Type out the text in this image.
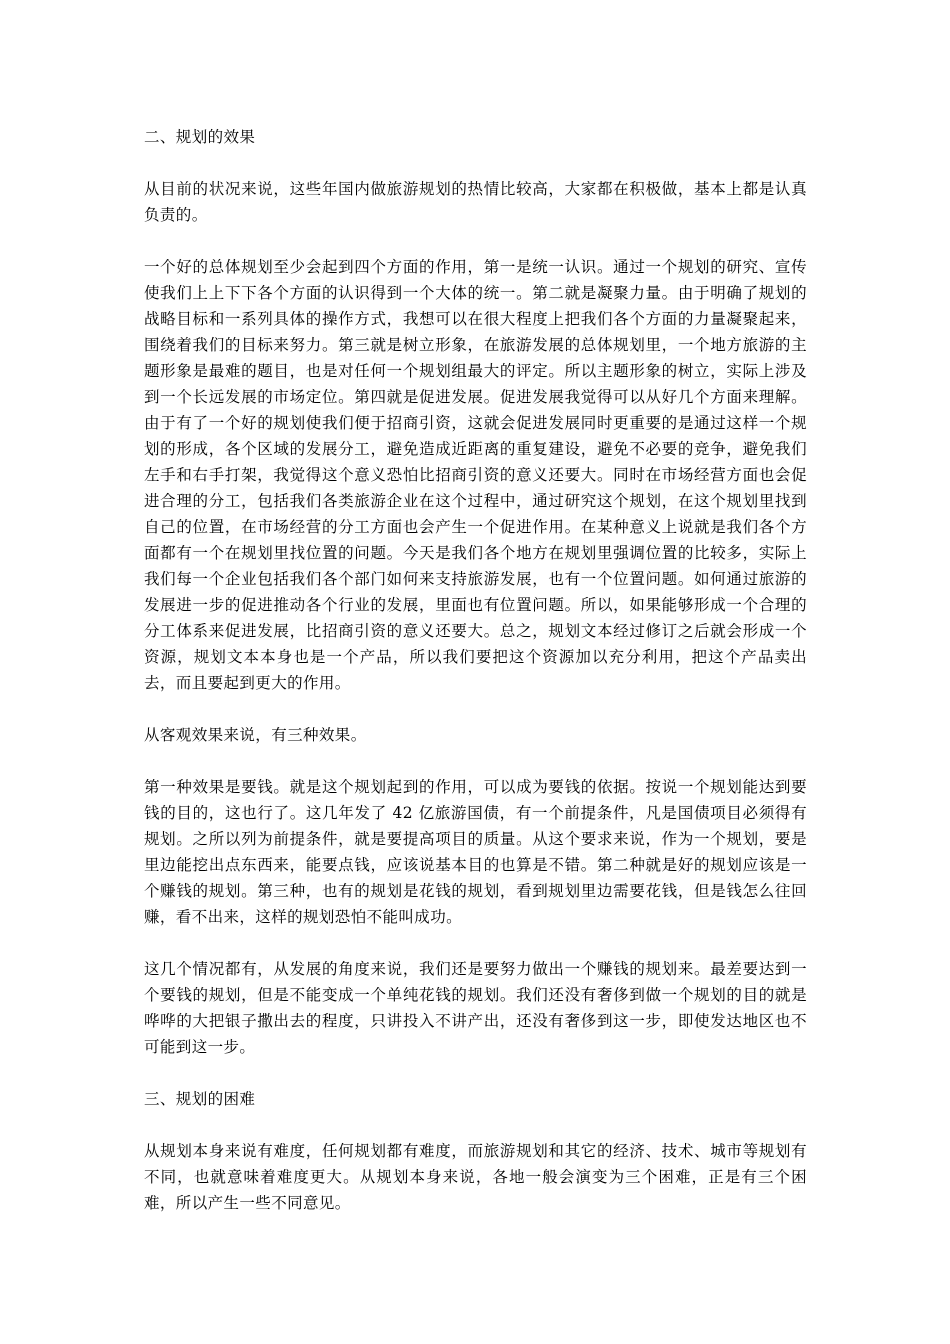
二、规划的效果
从目前的状况来说，这些年国内做旅游规划的热情比较高，大家都在积极做，基本上都是认真负责的。
一个好的总体规划至少会起到四个方面的作用，第一是统一认识。通过一个规划的研究、宣传使我们上上下下各个方面的认识得到一个大体的统一。第二就是凝聚力量。由于明确了规划的战略目标和一系列具体的操作方式，我想可以在很大程度上把我们各个方面的力量凝聚起来，围绕着我们的目标来努力。第三就是树立形象，在旅游发展的总体规划里，一个地方旅游的主题形象是最难的题目，也是对任何一个规划组最大的评定。所以主题形象的树立，实际上涉及到一个长远发展的市场定位。第四就是促进发展。促进发展我觉得可以从好几个方面来理解。由于有了一个好的规划使我们便于招商引资，这就会促进发展同时更重要的是通过这样一个规划的形成，各个区域的发展分工，避免造成近距离的重复建设，避免不必要的竞争，避免我们左手和右手打架，我觉得这个意义恐怕比招商引资的意义还要大。同时在市场经营方面也会促进合理的分工，包括我们各类旅游企业在这个过程中，通过研究这个规划，在这个规划里找到自己的位置，在市场经营的分工方面也会产生一个促进作用。在某种意义上说就是我们各个方面都有一个在规划里找位置的问题。今天是我们各个地方在规划里强调位置的比较多，实际上我们每一个企业包括我们各个部门如何来支持旅游发展，也有一个位置问题。如何通过旅游的发展进一步的促进推动各个行业的发展，里面也有位置问题。所以，如果能够形成一个合理的分工体系来促进发展，比招商引资的意义还要大。总之，规划文本经过修订之后就会形成一个资源，规划文本本身也是一个产品，所以我们要把这个资源加以充分利用，把这个产品卖出去，而且要起到更大的作用。
从客观效果来说，有三种效果。
第一种效果是要钱。就是这个规划起到的作用，可以成为要钱的依据。按说一个规划能达到要钱的目的，这也行了。这几年发了 42 亿旅游国债，有一个前提条件，凡是国债项目必须得有规划。之所以列为前提条件，就是要提高项目的质量。从这个要求来说，作为一个规划，要是里边能挖出点东西来，能要点钱，应该说基本目的也算是不错。第二种就是好的规划应该是一个赚钱的规划。第三种，也有的规划是花钱的规划，看到规划里边需要花钱，但是钱怎么往回赚，看不出来，这样的规划恐怕不能叫成功。
这几个情况都有，从发展的角度来说，我们还是要努力做出一个赚钱的规划来。最差要达到一个要钱的规划，但是不能变成一个单纯花钱的规划。我们还没有奢侈到做一个规划的目的就是哗哗的大把银子撒出去的程度，只讲投入不讲产出，还没有奢侈到这一步，即使发达地区也不可能到这一步。
三、规划的困难
从规划本身来说有难度，任何规划都有难度，而旅游规划和其它的经济、技术、城市等规划有不同，也就意味着难度更大。从规划本身来说，各地一般会演变为三个困难，正是有三个困难，所以产生一些不同意见。
